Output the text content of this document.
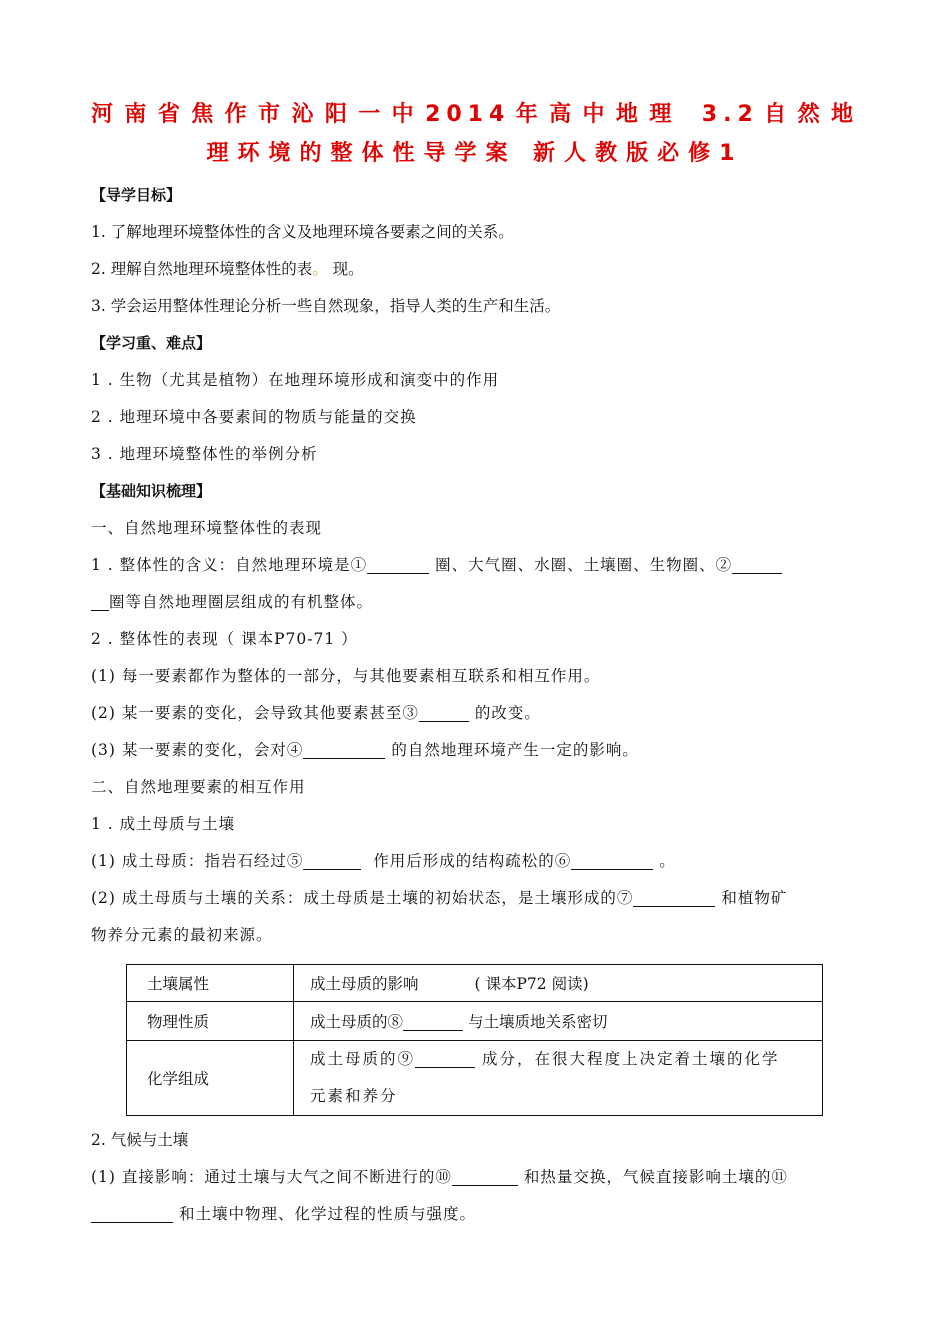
河南省焦作市沁阳一中2014年高中地理 3.2自然地
理环境的整体性导学案 新人教版必修1

【导学目标】

1. 了解地理环境整体性的含义及地理环境各要素之间的关系。

2. 理解自然地理环境整体性的表。 现。

3. 学会运用整体性理论分析一些自然现象，指导人类的生产和生活。

【学习重、难点】

1 . 生物（尤其是植物）在地理环境形成和演变中的作用

2 . 地理环境中各要素间的物质与能量的交换

3 . 地理环境整体性的举例分析

【基础知识梳理】

一、自然地理环境整体性的表现

1 . 整体性的含义：自然地理环境是①	圈、大气圈、水圈、土壤圈、生物圈、②

圈等自然地理圈层组成的有机整体。

2 . 整体性的表现（ 课本P70-71 ）

(1) 每一要素都作为整体的一部分，与其他要素相互联系和相互作用。

(2) 某一要素的变化，会导致其他要素甚至③	的改变。

(3) 某一要素的变化，会对④	的自然地理环境产生一定的影响。

二、自然地理要素的相互作用

1 . 成土母质与土壤

(1) 成土母质：指岩石经过⑤	作用后形成的结构疏松的⑥	。

(2) 成土母质与土壤的关系：成土母质是土壤的初始状态，是土壤形成的⑦	和植物矿

物养分元素的最初来源。

土壤属性	成土母质的影响 ( 课本P72 阅读)
物理性质	成土母质的⑧ 与土壤质地关系密切
化学组成	成土母质的⑨ 成分，在很大程度上决定着土壤的化学
元素和养分

2. 气候与土壤

(1) 直接影响：通过土壤与大气之间不断进行的⑩	和热量交换，气候直接影响土壤的⑪

和土壤中物理、化学过程的性质与强度。
